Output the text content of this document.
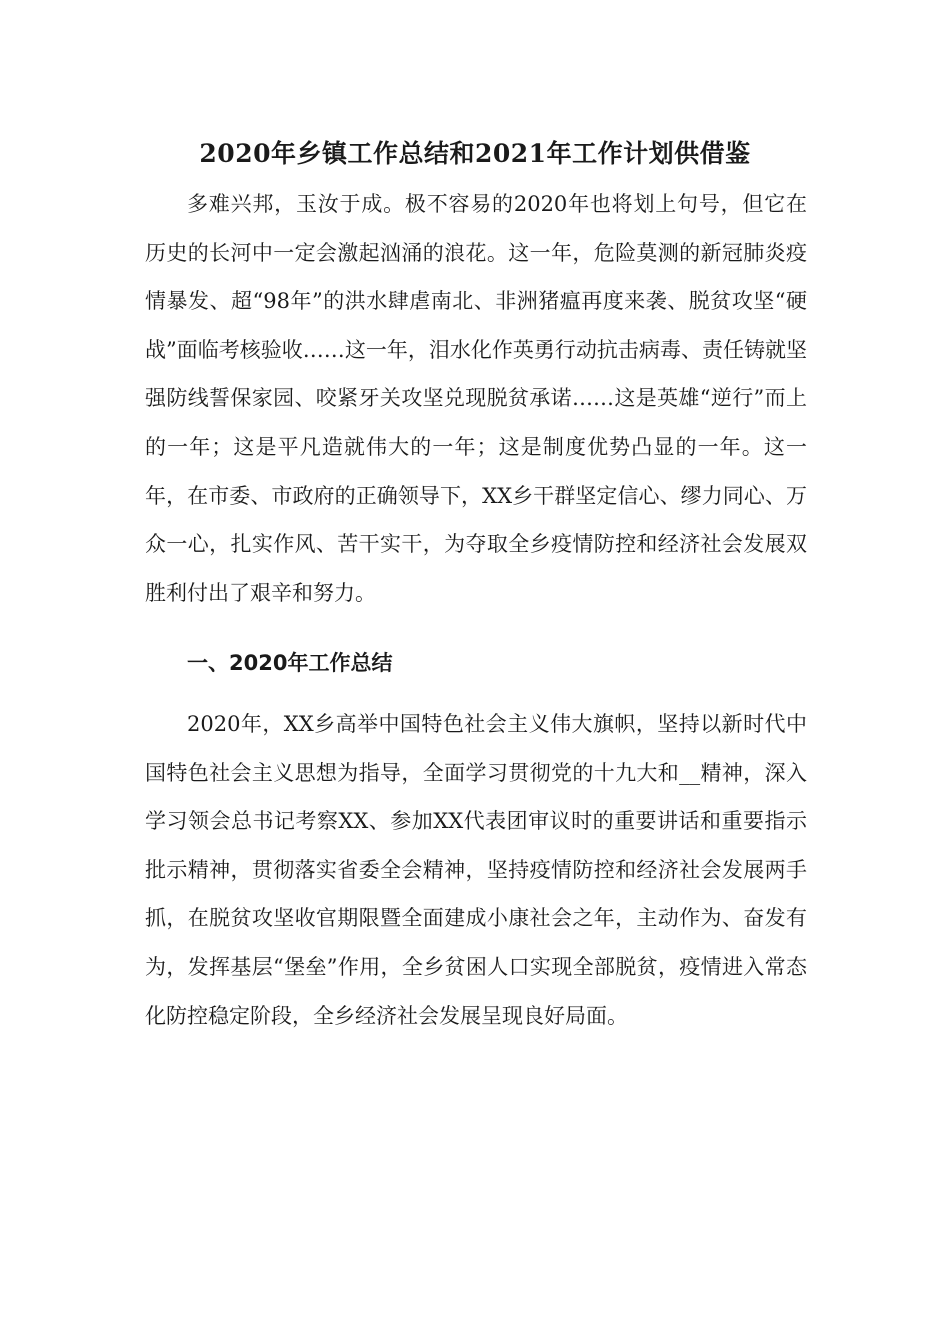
2020年乡镇工作总结和2021年工作计划供借鉴

多难兴邦，玉汝于成。极不容易的2020年也将划上句号，但它在历史的长河中一定会激起汹涌的浪花。这一年，危险莫测的新冠肺炎疫情暴发、超“98年”的洪水肆虐南北、非洲猪瘟再度来袭、脱贫攻坚“硬战”面临考核验收……这一年，泪水化作英勇行动抗击病毒、责任铸就坚强防线誓保家园、咬紧牙关攻坚兑现脱贫承诺……这是英雄“逆行”而上的一年；这是平凡造就伟大的一年；这是制度优势凸显的一年。这一年，在市委、市政府的正确领导下，XX乡干群坚定信心、缪力同心、万众一心，扎实作风、苦干实干，为夺取全乡疫情防控和经济社会发展双胜利付出了艰辛和努力。

一、2020年工作总结

2020年，XX乡高举中国特色社会主义伟大旗帜，坚持以新时代中国特色社会主义思想为指导，全面学习贯彻党的十九大和__精神，深入学习领会总书记考察XX、参加XX代表团审议时的重要讲话和重要指示批示精神，贯彻落实省委全会精神，坚持疫情防控和经济社会发展两手抓，在脱贫攻坚收官期限暨全面建成小康社会之年，主动作为、奋发有为，发挥基层“堡垒”作用，全乡贫困人口实现全部脱贫，疫情进入常态化防控稳定阶段，全乡经济社会发展呈现良好局面。
